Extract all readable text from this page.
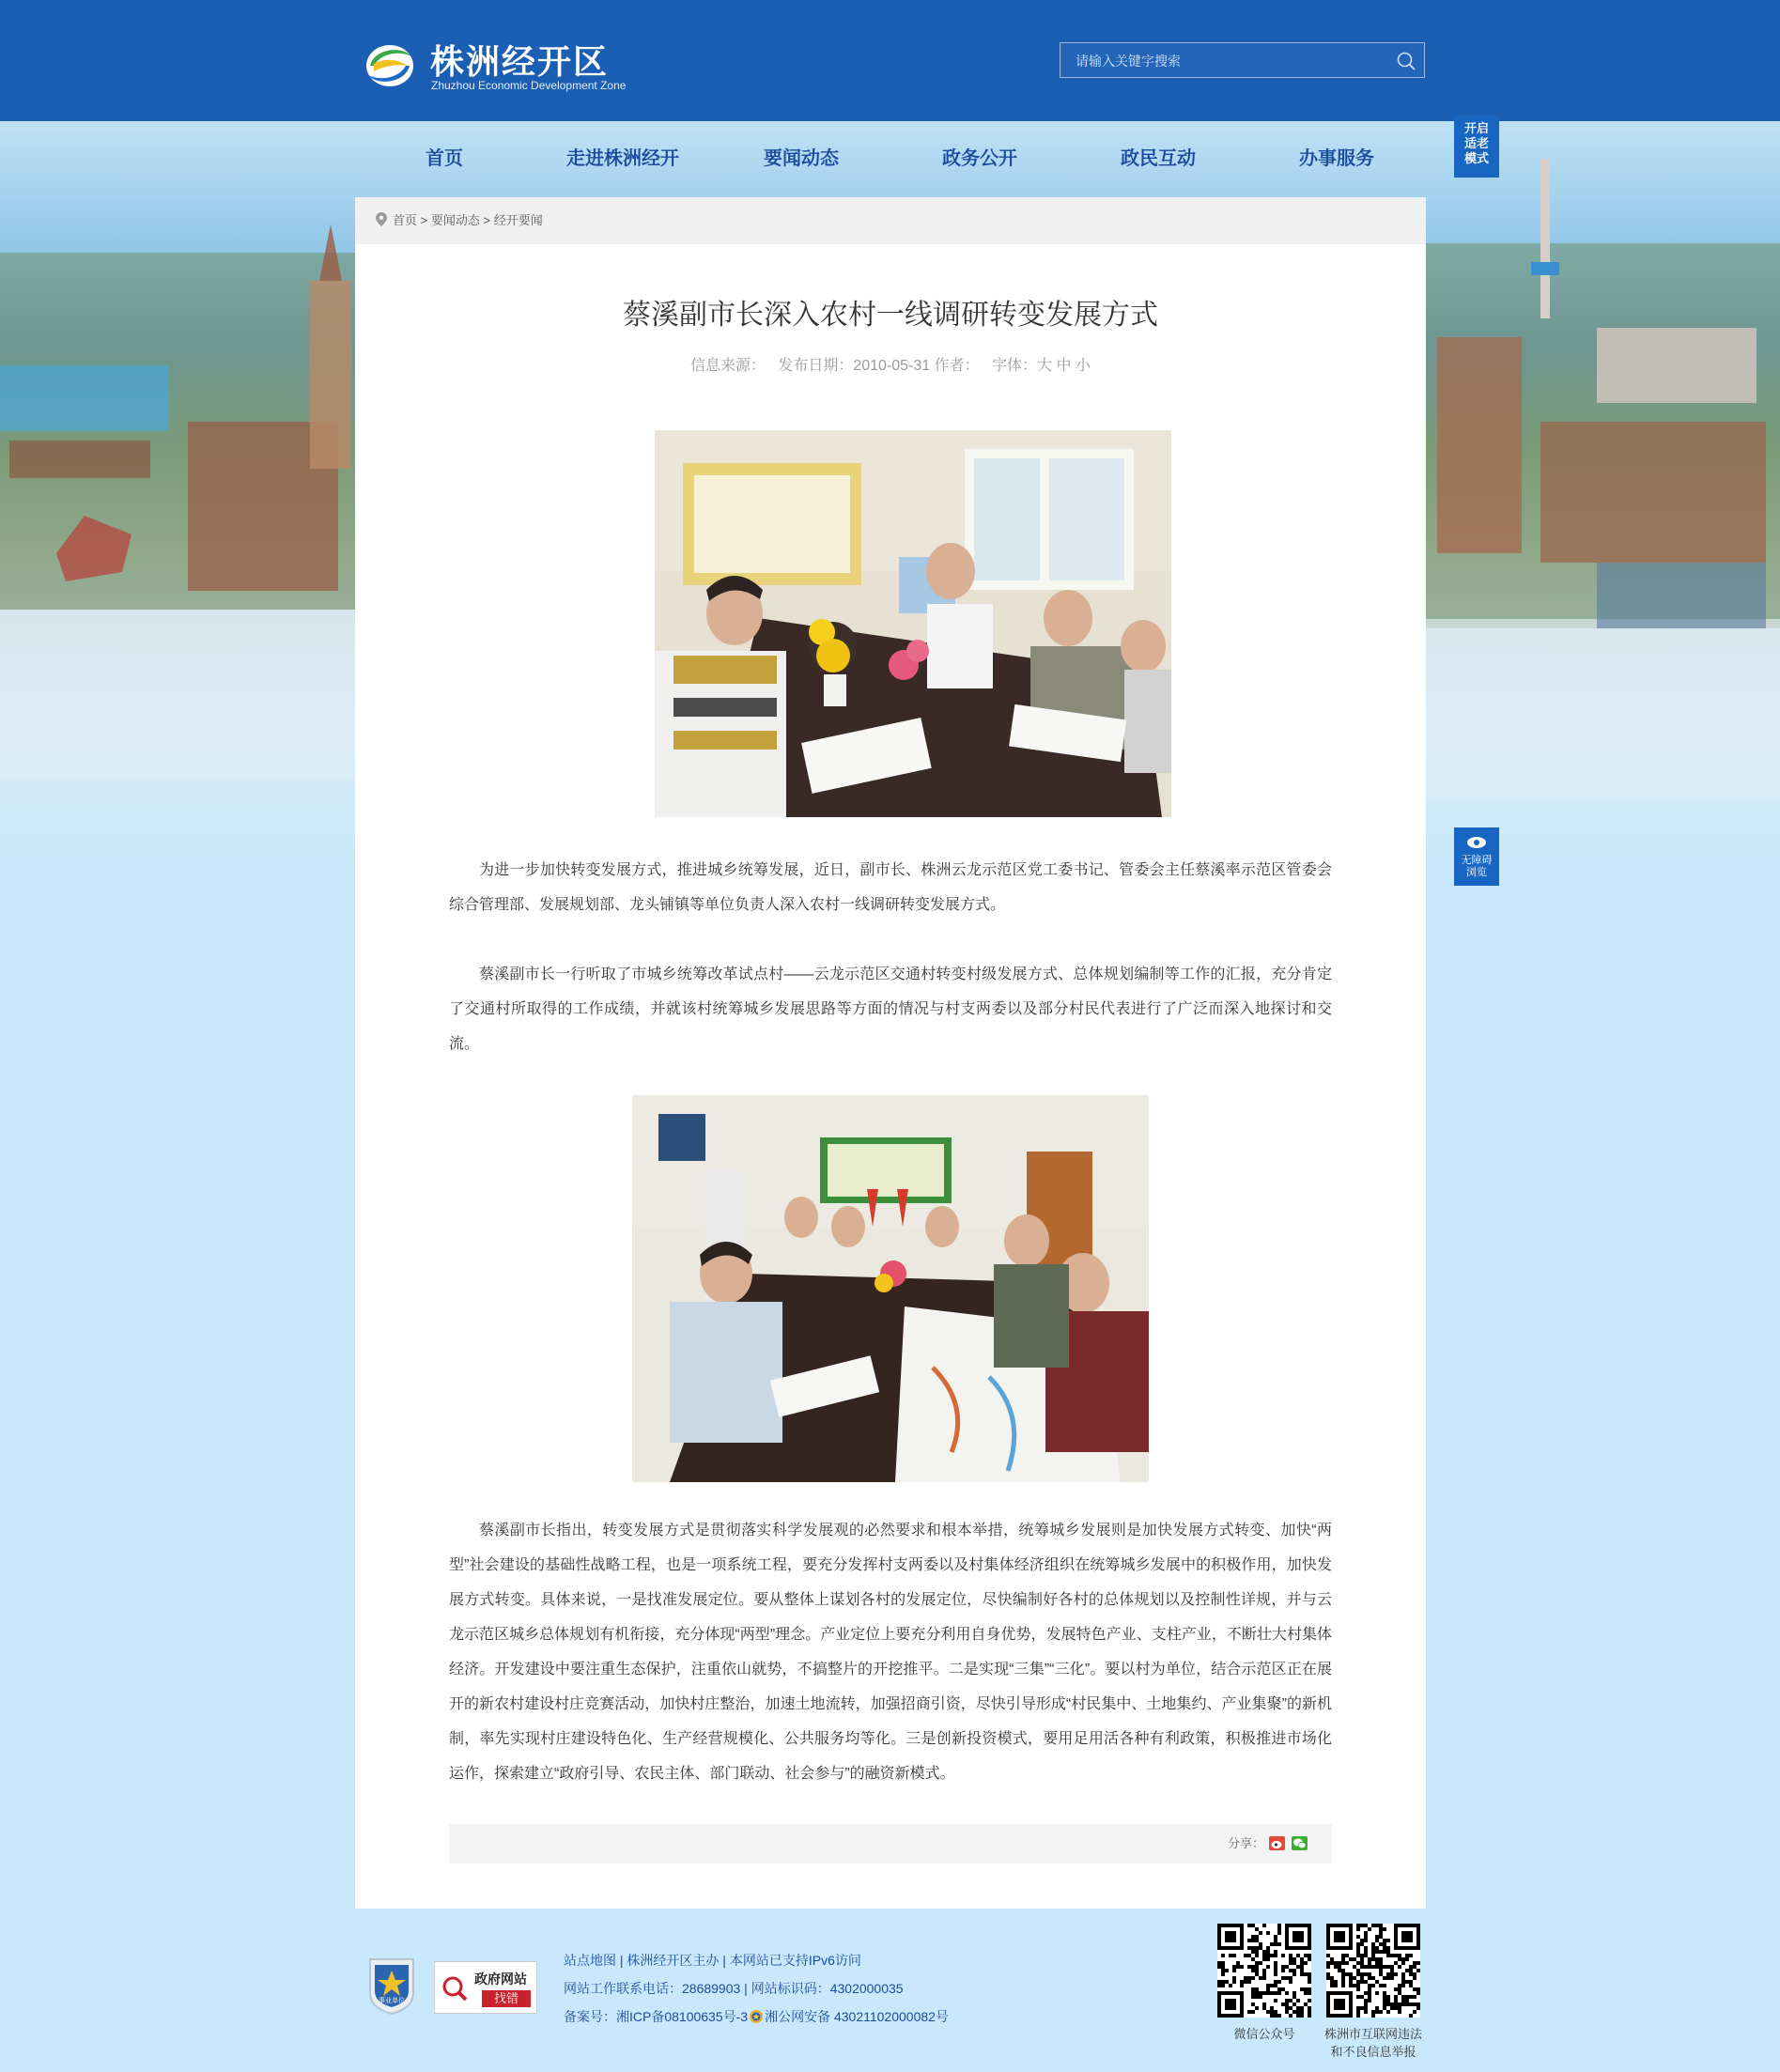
株洲经开区
Zhuzhou Economic Development Zone
请输入关键字搜索
首页	走进株洲经开	要闻动态	政务公开	政民互动	办事服务
开启适老模式
无障碍浏览
首页 > 要闻动态 > 经开要闻
蔡溪副市长深入农村一线调研转变发展方式
信息来源： 发布日期：2010-05-31 作者： 字体：大 中 小

为进一步加快转变发展方式，推进城乡统筹发展，近日，副市长、株洲云龙示范区党工委书记、管委会主任蔡溪率示范区管委会综合管理部、发展规划部、龙头铺镇等单位负责人深入农村一线调研转变发展方式。

蔡溪副市长一行听取了市城乡统筹改革试点村——云龙示范区交通村转变村级发展方式、总体规划编制等工作的汇报，充分肯定了交通村所取得的工作成绩，并就该村统筹城乡发展思路等方面的情况与村支两委以及部分村民代表进行了广泛而深入地探讨和交流。

蔡溪副市长指出，转变发展方式是贯彻落实科学发展观的必然要求和根本举措，统筹城乡发展则是加快发展方式转变、加快“两型”社会建设的基础性战略工程，也是一项系统工程，要充分发挥村支两委以及村集体经济组织在统筹城乡发展中的积极作用，加快发展方式转变。具体来说，一是找准发展定位。要从整体上谋划各村的发展定位，尽快编制好各村的总体规划以及控制性详规，并与云龙示范区城乡总体规划有机衔接，充分体现“两型”理念。产业定位上要充分利用自身优势，发展特色产业、支柱产业，不断壮大村集体经济。开发建设中要注重生态保护，注重依山就势，不搞整片的开挖推平。二是实现“三集”“三化”。要以村为单位，结合示范区正在展开的新农村建设村庄竞赛活动，加快村庄整治，加速土地流转，加强招商引资，尽快引导形成“村民集中、土地集约、产业集聚”的新机制，率先实现村庄建设特色化、生产经营规模化、公共服务均等化。三是创新投资模式，要用足用活各种有利政策，积极推进市场化运作，探索建立“政府引导、农民主体、部门联动、社会参与”的融资新模式。

分享：
事业单位
政府网站
找错
站点地图 | 株洲经开区主办 | 本网站已支持IPv6访问
网站工作联系电话：28689903 | 网站标识码：4302000035
备案号：湘ICP备08100635号-3 湘公网安备 43021102000082号
微信公众号	株洲市互联网违法
和不良信息举报
